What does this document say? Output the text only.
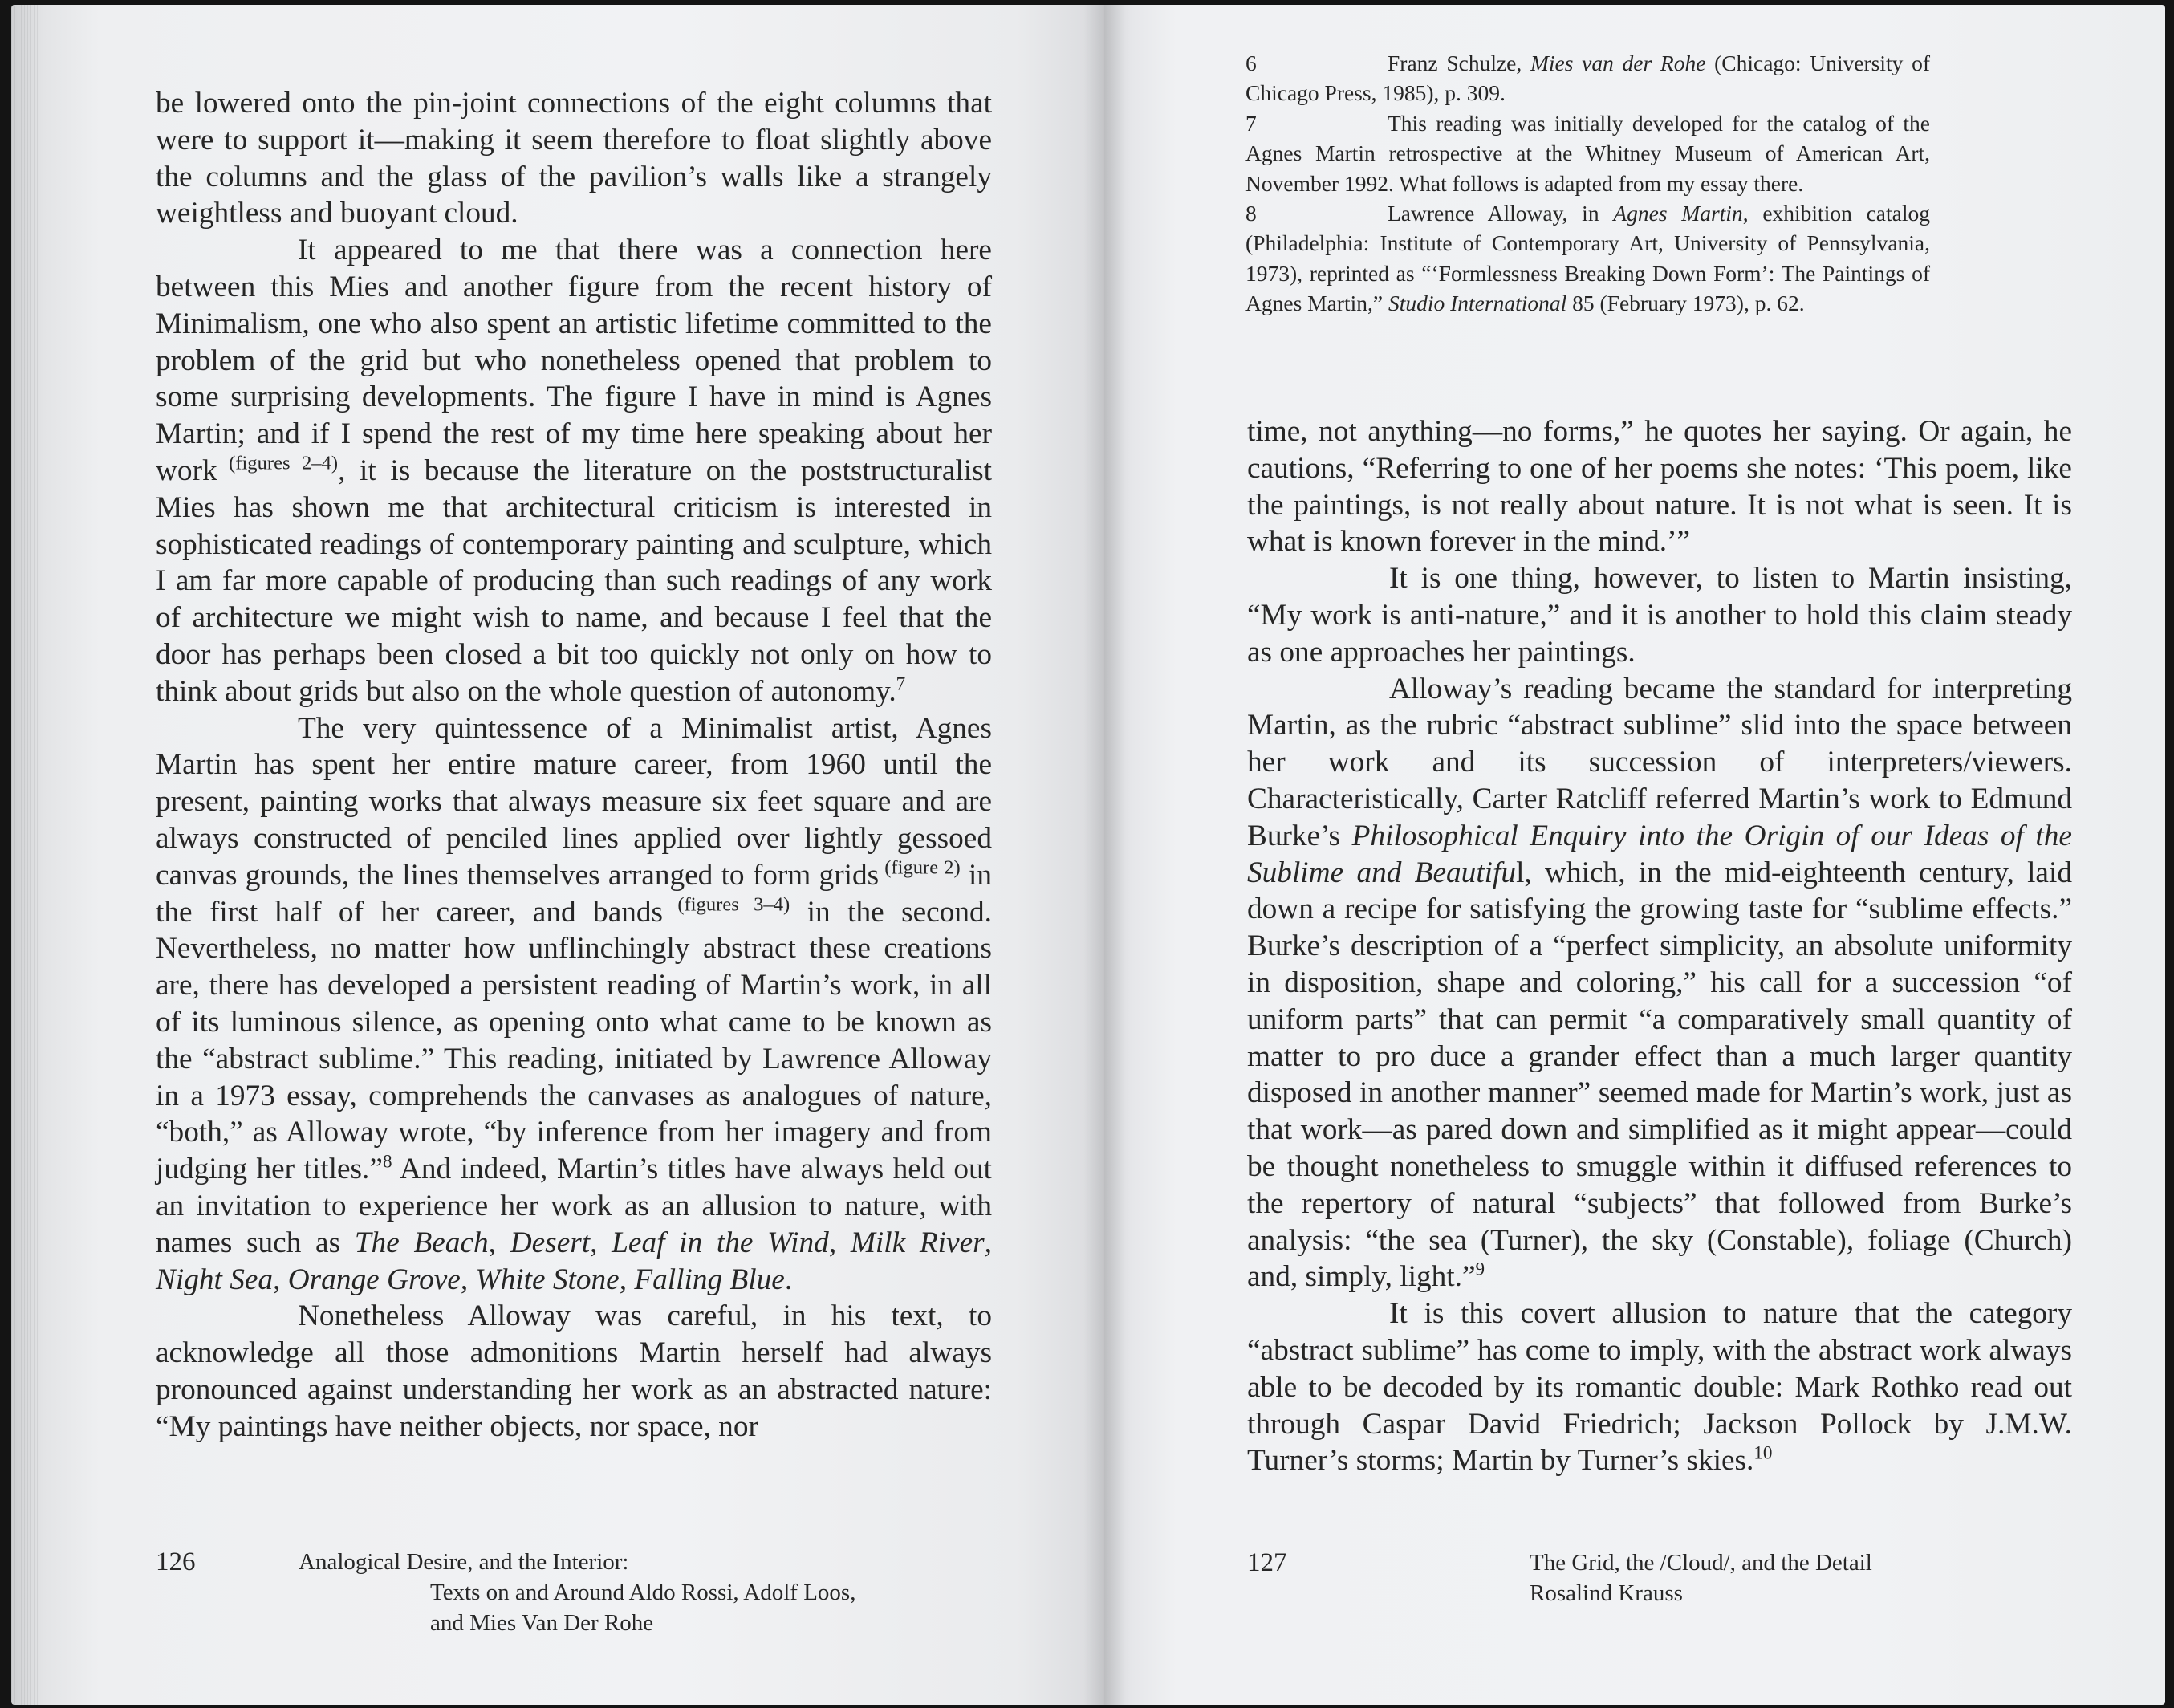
be lowered onto the pin-joint connections of the eight columns that were to support it—making it seem therefore to float slightly above the columns and the glass of the pavilion’s walls like a strangely weightless and buoyant cloud.

It appeared to me that there was a connection here between this Mies and another figure from the recent history of Minimalism, one who also spent an artistic lifetime committed to the problem of the grid but who nonetheless opened that problem to some surprising developments. The figure I have in mind is Agnes Martin; and if I spend the rest of my time here speaking about her work $^{(figures 2-4)}$, it is because the literature on the poststructuralist Mies has shown me that architectural criticism is interested in sophisticated readings of contemporary painting and sculpture, which I am far more capable of producing than such readings of any work of architecture we might wish to name, and because I feel that the door has perhaps been closed a bit too quickly not only on how to think about grids but also on the whole question of autonomy.$^7$

The very quintessence of a Minimalist artist, Agnes Martin has spent her entire mature career, from 1960 until the present, painting works that always measure six feet square and are always constructed of penciled lines applied over lightly gessoed canvas grounds, the lines themselves arranged to form grids $^{(figure 2)}$ in the first half of her career, and bands $^{(figures 3-4)}$ in the second. Nevertheless, no matter how unflinchingly abstract these creations are, there has developed a persistent reading of Martin’s work, in all of its luminous silence, as opening onto what came to be known as the “abstract sublime.” This reading, initiated by Lawrence Alloway in a 1973 essay, comprehends the canvases as analogues of nature, “both,” as Alloway wrote, “by inference from her imagery and from judging her titles.”$^8$ And indeed, Martin’s titles have always held out an invitation to experience her work as an allusion to nature, with names such as The Beach, Desert, Leaf in the Wind, Milk River, Night Sea, Orange Grove, White Stone, Falling Blue.

Nonetheless Alloway was careful, in his text, to acknowledge all those admonitions Martin herself had always pronounced against understanding her work as an abstracted nature: “My paintings have neither objects, nor space, nor

126	Analogical Desire, and the Interior:
Texts on and Around Aldo Rossi, Adolf Loos,
and Mies Van Der Rohe

6	Franz Schulze, Mies van der Rohe (Chicago: University of Chicago Press, 1985), p. 309.

7	This reading was initially developed for the catalog of the Agnes Martin retrospective at the Whitney Museum of American Art, November 1992. What follows is adapted from my essay there.

8	Lawrence Alloway, in Agnes Martin, exhibition catalog (Philadelphia: Institute of Contemporary Art, University of Pennsylvania, 1973), reprinted as “‘Formlessness Breaking Down Form’: The Paintings of Agnes Martin,” Studio International 85 (February 1973), p. 62.

time, not anything—no forms,” he quotes her saying. Or again, he cautions, “Referring to one of her poems she notes: ‘This poem, like the paintings, is not really about nature. It is not what is seen. It is what is known forever in the mind.’”

It is one thing, however, to listen to Martin insisting, “My work is anti-nature,” and it is another to hold this claim steady as one approaches her paintings.

Alloway’s reading became the standard for interpreting Martin, as the rubric “abstract sublime” slid into the space between her work and its succession of interpreters/viewers. Characteristically, Carter Ratcliff referred Martin’s work to Edmund Burke’s Philosophical Enquiry into the Origin of our Ideas of the Sublime and Beautiful, which, in the mid-eighteenth century, laid down a recipe for satisfying the growing taste for “sublime effects.” Burke’s description of a “perfect simplicity, an absolute uniformity in disposition, shape and coloring,” his call for a succession “of uniform parts” that can permit “a comparatively small quantity of matter to pro duce a grander effect than a much larger quantity disposed in another manner” seemed made for Martin’s work, just as that work—as pared down and simplified as it might appear—could be thought nonetheless to smuggle within it diffused references to the repertory of natural “subjects” that followed from Burke’s analysis: “the sea (Turner), the sky (Constable), foliage (Church) and, simply, light.”$^9$

It is this covert allusion to nature that the category “abstract sublime” has come to imply, with the abstract work always able to be decoded by its romantic double: Mark Rothko read out through Caspar David Friedrich; Jackson Pollock by J.M.W. Turner’s storms; Martin by Turner’s skies.$^{10}$

127	The Grid, the /Cloud/, and the Detail
Rosalind Krauss
